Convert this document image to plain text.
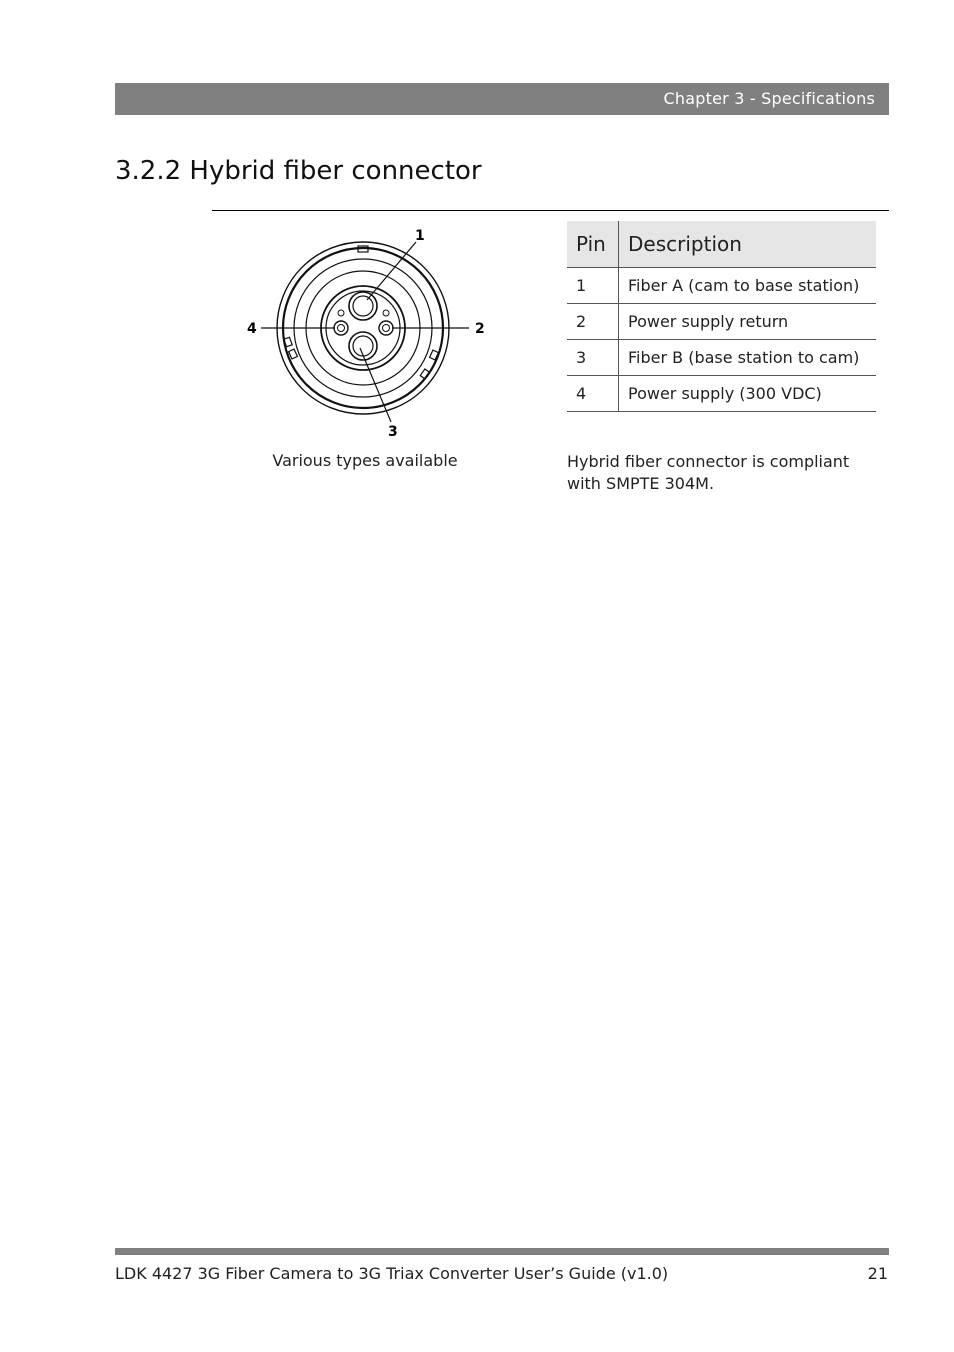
Chapter 3 - Specifications
3.2.2 Hybrid fiber connector
1
2
3
4
Various types available
Pin	Description
1	Fiber A (cam to base station)
2	Power supply return
3	Fiber B (base station to cam)
4	Power supply (300 VDC)
Hybrid fiber connector is compliant with SMPTE 304M.
LDK 4427 3G Fiber Camera to 3G Triax Converter User’s Guide (v1.0)	21
